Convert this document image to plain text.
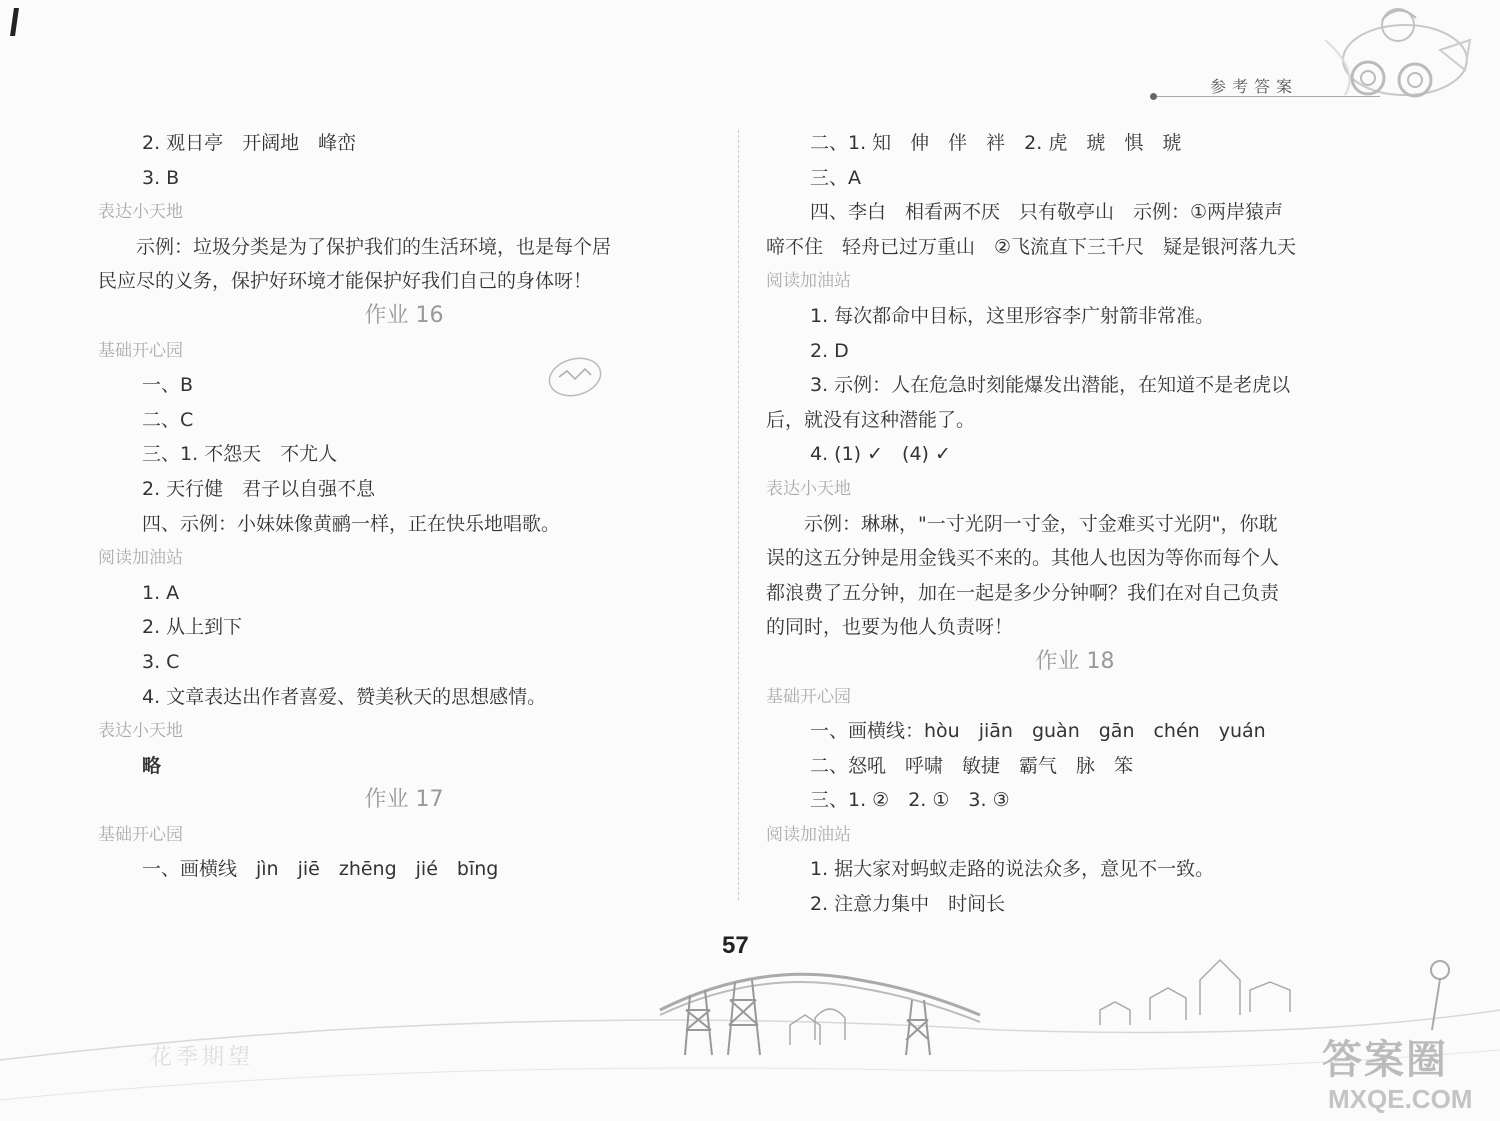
参考答案
2. 观日亭　开阔地　峰峦
3. B
表达小天地
　　示例：垃圾分类是为了保护我们的生活环境，也是每个居
民应尽的义务，保护好环境才能保护好我们自己的身体呀！
作业 16
基础开心园
一、B
二、C
三、1. 不怨天　不尤人
2. 天行健　君子以自强不息
四、示例：小妹妹像黄鹂一样，正在快乐地唱歌。
阅读加油站
1. A
2. 从上到下
3. C
4. 文章表达出作者喜爱、赞美秋天的思想感情。
表达小天地
略
作业 17
基础开心园
一、画横线　jìn　jiē　zhēng　jié　bīng
二、1. 知　伸　伴　袢　2. 虎　琥　惧　琥
三、A
四、李白　相看两不厌　只有敬亭山　示例：①两岸猿声
啼不住　轻舟已过万重山　②飞流直下三千尺　疑是银河落九天
阅读加油站
1. 每次都命中目标，这里形容李广射箭非常准。
2. D
3. 示例：人在危急时刻能爆发出潜能，在知道不是老虎以
后，就没有这种潜能了。
4. (1) ✓　(4) ✓
表达小天地
　　示例：琳琳，"一寸光阴一寸金，寸金难买寸光阴"，你耽
误的这五分钟是用金钱买不来的。其他人也因为等你而每个人
都浪费了五分钟，加在一起是多少分钟啊？我们在对自己负责
的同时，也要为他人负责呀！
作业 18
基础开心园
一、画横线：hòu　jiān　guàn　gān　chén　yuán
二、怒吼　呼啸　敏捷　霸气　脉　笨
三、1. ②　2. ①　3. ③
阅读加油站
1. 据大家对蚂蚁走路的说法众多，意见不一致。
2. 注意力集中　时间长
57
花季期望	答案圈
MXQE.COM
